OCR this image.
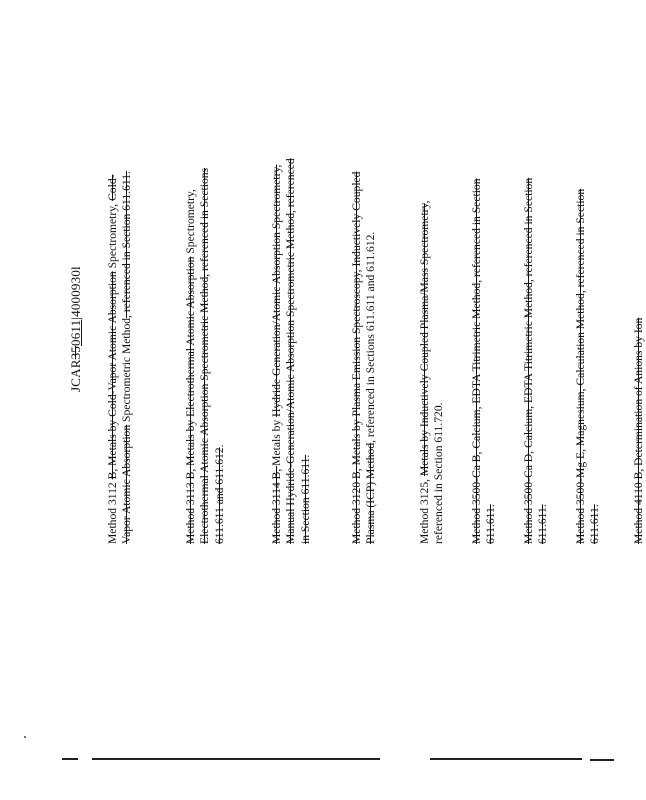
JCAR350611|4000930l
Method 3112 B, Metals by Cold-Vapor Atomic Absorption Spectrometry, Cold-Vapor Atomic Absorption Spectrometric Method, referenced in Section 611.611.
Method 3113 B, Metals by Electrothermal Atomic Absorption Spectrometry, Electrothermal Atomic Absorption Spectrometric Method, referenced in Sections 611.611 and 611.612.
Method 3114 B, Metals by Hydride Generation/Atomic Absorption Spectrometry, Manual Hydride-Generation/Atomic Absorption Spectrometric Method, referenced in Section 611.611.	Method 3120 B, Metals by Plasma Emission Spectroscopy, Inductively Coupled Plasma (ICP) Method, referenced in Sections 611.611 and 611.612.
Method 3125, Metals by Inductively Coupled Plasma/Mass Spectrometry, referenced in Section 611.720. Method 3500-Ca B, Calcium, EDTA Titrimetric Method, referenced in Section 611.611. Method 3500-Ca D, Calcium, EDTA Titrimetric Method, referenced in Section 611.611. Method 3500-Mg E, Magnesium, Calculation Method, referenced in Section 611.611.	Method 4110 B, Determination of Anions by Ion
